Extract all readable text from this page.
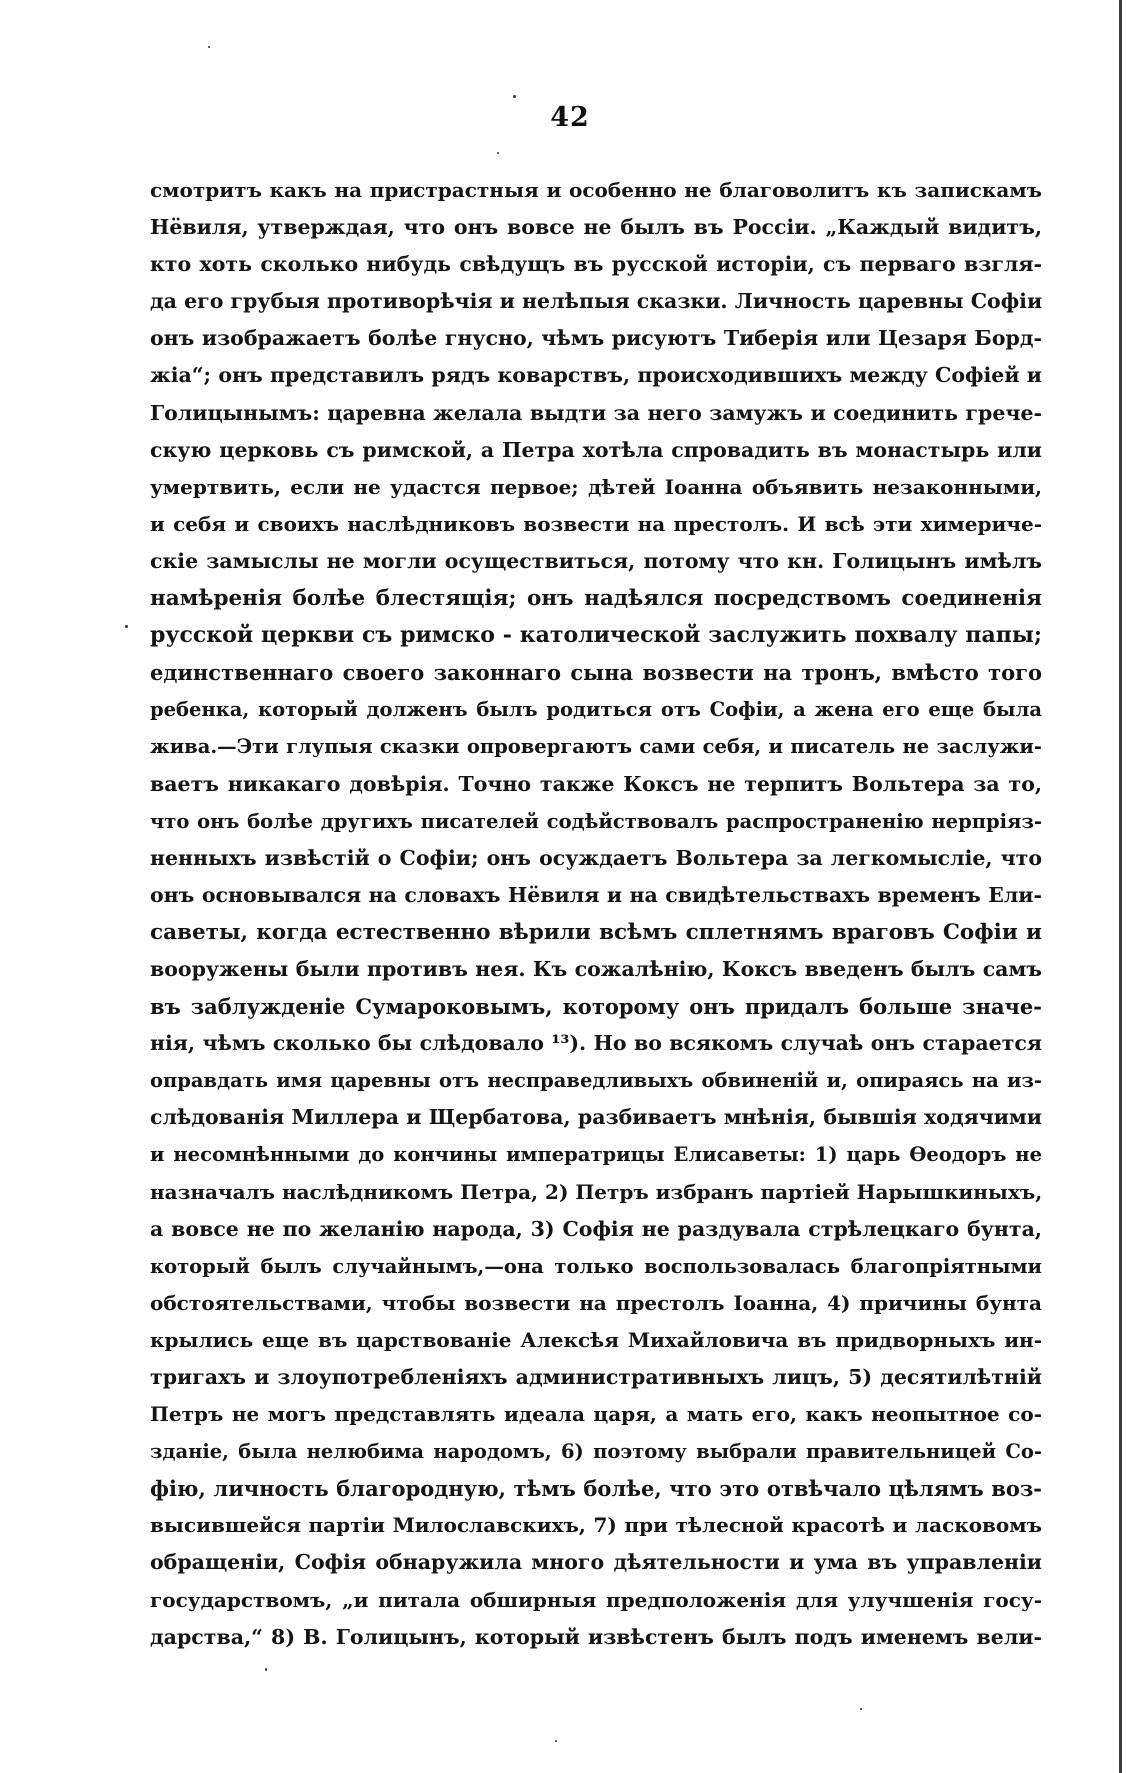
42
смотритъ какъ на пристрастныя и особенно не благоволитъ къ запискамъ
Нёвиля, утверждая, что онъ вовсе не былъ въ Россіи. „Каждый видитъ,
кто хоть сколько нибудь свѣдущъ въ русской исторіи, съ перваго взгля-
да его грубыя противорѣчія и нелѣпыя сказки. Личность царевны Софіи
онъ изображаетъ болѣе гнусно, чѣмъ рисуютъ Тиберія или Цезаря Борд-
жіа“; онъ представилъ рядъ коварствъ, происходившихъ между Софіей и
Голицынымъ: царевна желала выдти за него замужъ и соединить грече-
скую церковь съ римской, а Петра хотѣла спровадить въ монастырь или
умертвить, если не удастся первое; дѣтей Іоанна объявить незаконными,
и себя и своихъ наслѣдниковъ возвести на престолъ. И всѣ эти химериче-
скіе замыслы не могли осуществиться, потому что кн. Голицынъ имѣлъ
намѣренія болѣе блестящія; онъ надѣялся посредствомъ соединенія
русской церкви съ римско - католической заслужить похвалу папы;
единственнаго своего законнаго сына возвести на тронъ, вмѣсто того
ребенка, который долженъ былъ родиться отъ Софіи, а жена его еще была
жива.—Эти глупыя сказки опровергаютъ сами себя, и писатель не заслужи-
ваетъ никакаго довѣрія. Точно также Коксъ не терпитъ Вольтера за то,
что онъ болѣе другихъ писателей содѣйствовалъ распространенію неpпріяз-
ненныхъ извѣстій о Софіи; онъ осуждаетъ Вольтера за легкомысліе, что
онъ основывался на словахъ Нёвиля и на свидѣтельствахъ временъ Ели-
саветы, когда естественно вѣрили всѣмъ сплетнямъ враговъ Софіи и
вооружены были противъ нея. Къ сожалѣнію, Коксъ введенъ былъ самъ
въ заблужденіе Сумароковымъ, которому онъ придалъ больше значе-
нія, чѣмъ сколько бы слѣдовало ¹³). Но во всякомъ случаѣ онъ старается
оправдать имя царевны отъ несправедливыхъ обвиненій и, опираясь на из-
слѣдованія Миллера и Щербатова, разбиваетъ мнѣнія, бывшія ходячими
и несомнѣнными до кончины императрицы Елисаветы: 1) царь Ѳеодоръ не
назначалъ наслѣдникомъ Петра, 2) Петръ избранъ партіей Нарышкиныхъ,
а вовсе не по желанію народа, 3) Софія не раздувала стрѣлецкаго бунта,
который былъ случайнымъ,—она только воспользовалась благопріятными
обстоятельствами, чтобы возвести на престолъ Іоанна, 4) причины бунта
крылись еще въ царствованіе Алексѣя Михайловича въ придворныхъ ин-
тригахъ и злоупотребленіяхъ административныхъ лицъ, 5) десятилѣтній
Петръ не могъ представлять идеала царя, а мать его, какъ неопытное со-
зданіе, была нелюбима народомъ, 6) поэтому выбрали правительницей Со-
фію, личность благородную, тѣмъ болѣе, что это отвѣчало цѣлямъ воз-
высившейся партіи Милославскихъ, 7) при тѣлесной красотѣ и ласковомъ
обращеніи, Софія обнаружила много дѣятельности и ума въ управленіи
государствомъ, „и питала обширныя предположенія для улучшенія госу-
дарства,“ 8) В. Голицынъ, который извѣстенъ былъ подъ именемъ вели-
